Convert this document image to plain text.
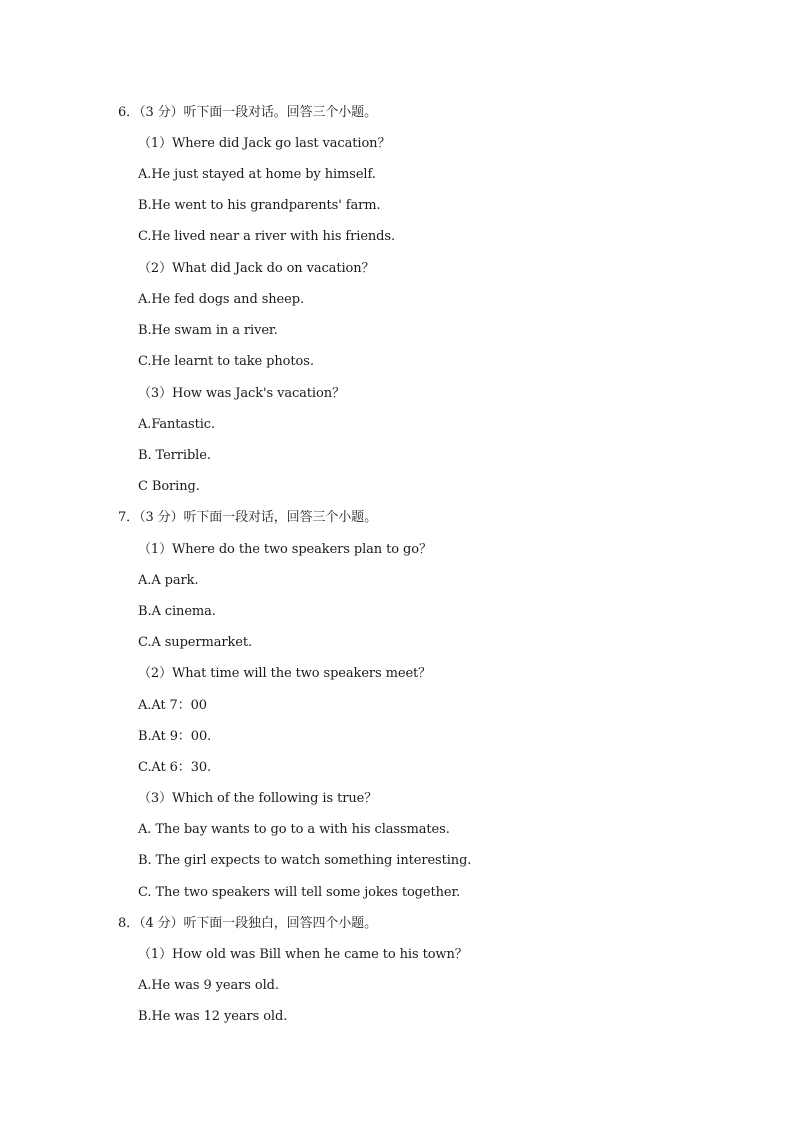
6．（3 分）听下面一段对话。回答三个小题。
（1）Where did Jack go last vacation？
A.He just stayed at home by himself.
B.He went to his grandparents' farm.
C.He lived near a river with his friends.
（2）What did Jack do on vacation？
A.He fed dogs and sheep.
B.He swam in a river.
C.He learnt to take photos.
（3）How was Jack's vacation？
A.Fantastic.
B. Terrible.
C Boring.
7．（3 分）听下面一段对话，回答三个小题。
（1）Where do the two speakers plan to go？
A.A park.
B.A cinema.
C.A supermarket.
（2）What time will the two speakers meet？
A.At 7：00
B.At 9：00.
C.At 6：30.
（3）Which of the following is true？
A. The bay wants to go to a with his classmates.
B. The girl expects to watch something interesting.
C. The two speakers will tell some jokes together.
8．（4 分）听下面一段独白，回答四个小题。
（1）How old was Bill when he came to his town？
A.He was 9 years old.
B.He was 12 years old.
